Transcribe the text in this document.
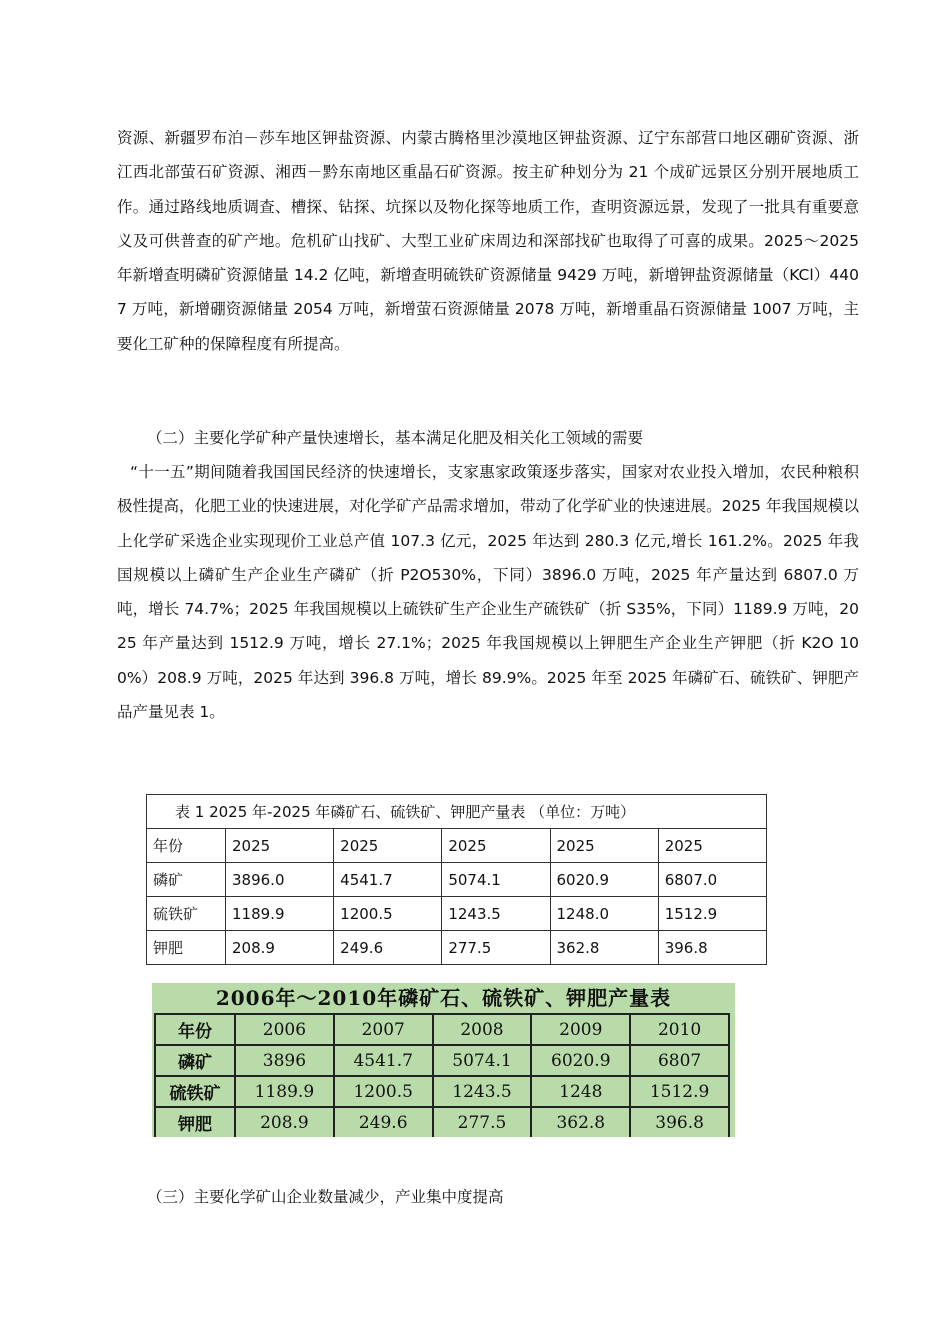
资源、新疆罗布泊－莎车地区钾盐资源、内蒙古腾格里沙漠地区钾盐资源、辽宁东部营口地区硼矿资源、浙江西北部萤石矿资源、湘西－黔东南地区重晶石矿资源。按主矿种划分为 21 个成矿远景区分别开展地质工作。通过路线地质调查、槽探、钻探、坑探以及物化探等地质工作，查明资源远景，发现了一批具有重要意义及可供普查的矿产地。危机矿山找矿、大型工业矿床周边和深部找矿也取得了可喜的成果。2025～2025 年新增查明磷矿资源储量 14.2 亿吨，新增查明硫铁矿资源储量 9429 万吨，新增钾盐资源储量（KCl）4407 万吨，新增硼资源储量 2054 万吨，新增萤石资源储量 2078 万吨，新增重晶石资源储量 1007 万吨，主要化工矿种的保障程度有所提高。

（二）主要化学矿种产量快速增长，基本满足化肥及相关化工领域的需要

“十一五”期间随着我国国民经济的快速增长，支家惠家政策逐步落实，国家对农业投入增加，农民种粮积极性提高，化肥工业的快速进展，对化学矿产品需求增加，带动了化学矿业的快速进展。2025 年我国规模以上化学矿采选企业实现现价工业总产值 107.3 亿元，2025 年达到 280.3 亿元,增长 161.2%。2025 年我国规模以上磷矿生产企业生产磷矿（折 P2O530%，下同）3896.0 万吨，2025 年产量达到 6807.0 万吨，增长 74.7%；2025 年我国规模以上硫铁矿生产企业生产硫铁矿（折 S35%，下同）1189.9 万吨，2025 年产量达到 1512.9 万吨，增长 27.1%；2025 年我国规模以上钾肥生产企业生产钾肥（折 K2O 100%）208.9 万吨，2025 年达到 396.8 万吨，增长 89.9%。2025 年至 2025 年磷矿石、硫铁矿、钾肥产品产量见表 1。

表 1 2025 年-2025 年磷矿石、硫铁矿、钾肥产量表 （单位：万吨）					
年份	2025	2025	2025	2025	2025
磷矿	3896.0	4541.7	5074.1	6020.9	6807.0
硫铁矿	1189.9	1200.5	1243.5	1248.0	1512.9
钾肥	208.9	249.6	277.5	362.8	396.8
2006年～2010年磷矿石、硫铁矿、钾肥产量表
年份	2006	2007	2008	2009	2010
磷矿	3896	4541.7	5074.1	6020.9	6807
硫铁矿	1189.9	1200.5	1243.5	1248	1512.9
钾肥	208.9	249.6	277.5	362.8	396.8

（三）主要化学矿山企业数量减少，产业集中度提高
